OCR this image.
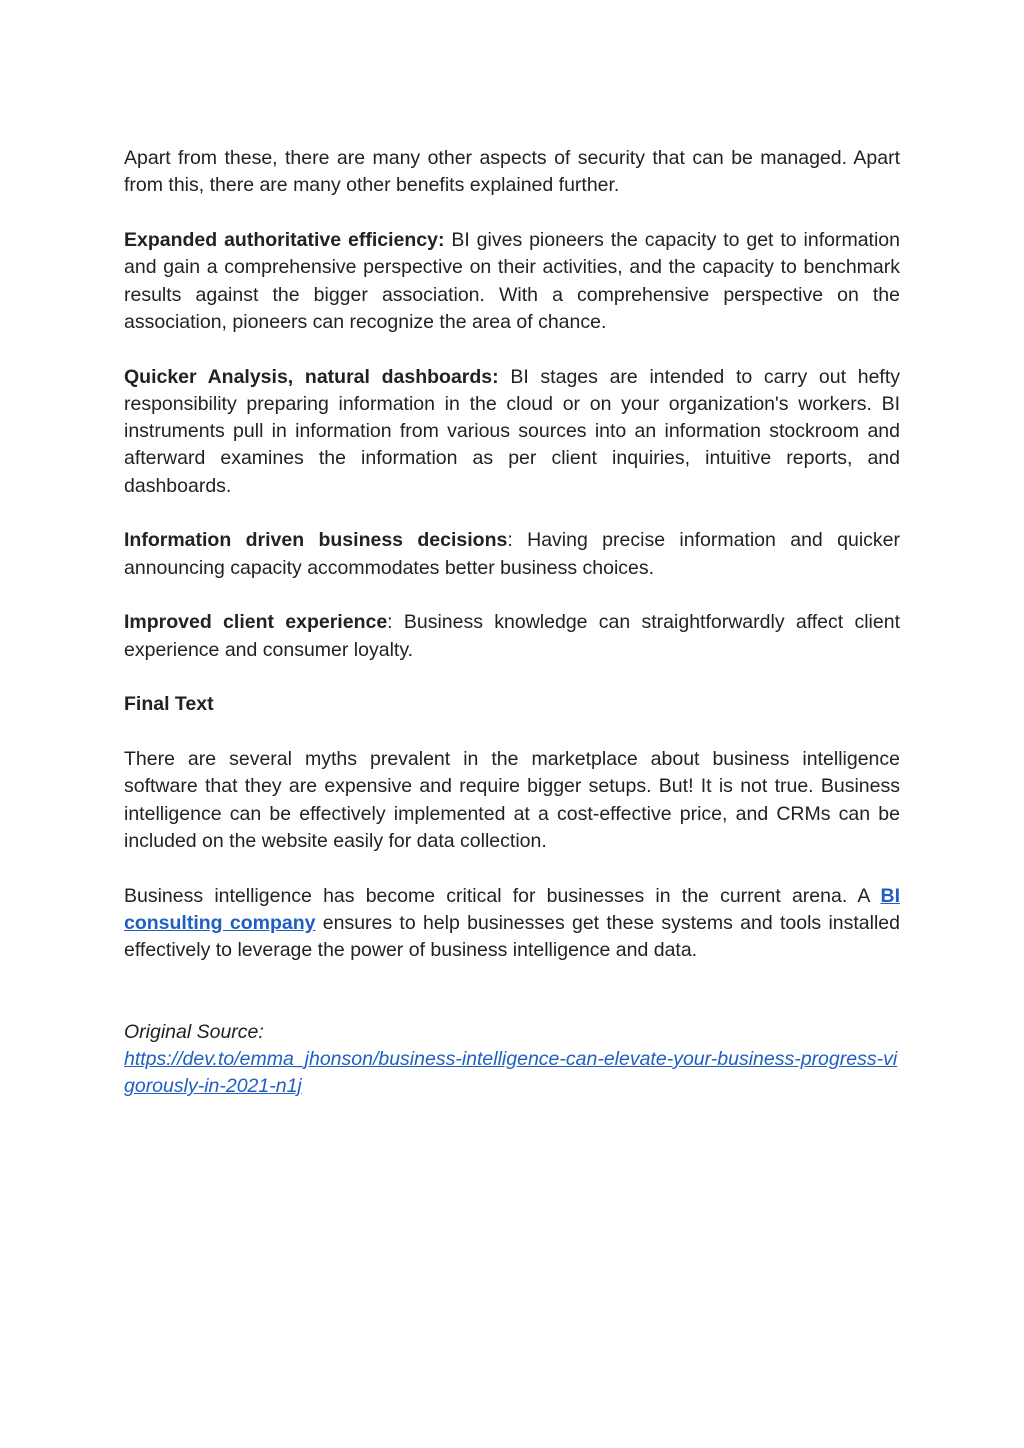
Apart from these, there are many other aspects of security that can be managed. Apart from this, there are many other benefits explained further.

Expanded authoritative efficiency: BI gives pioneers the capacity to get to information and gain a comprehensive perspective on their activities, and the capacity to benchmark results against the bigger association. With a comprehensive perspective on the association, pioneers can recognize the area of chance.

Quicker Analysis, natural dashboards: BI stages are intended to carry out hefty responsibility preparing information in the cloud or on your organization's workers. BI instruments pull in information from various sources into an information stockroom and afterward examines the information as per client inquiries, intuitive reports, and dashboards.

Information driven business decisions: Having precise information and quicker announcing capacity accommodates better business choices.

Improved client experience: Business knowledge can straightforwardly affect client experience and consumer loyalty.

Final Text

There are several myths prevalent in the marketplace about business intelligence software that they are expensive and require bigger setups. But! It is not true. Business intelligence can be effectively implemented at a cost-effective price, and CRMs can be included on the website easily for data collection.

Business intelligence has become critical for businesses in the current arena. A BI consulting company ensures to help businesses get these systems and tools installed effectively to leverage the power of business intelligence and data.

Original Source:
https://dev.to/emma_jhonson/business-intelligence-can-elevate-your-business-progress-vigorously-in-2021-n1j
